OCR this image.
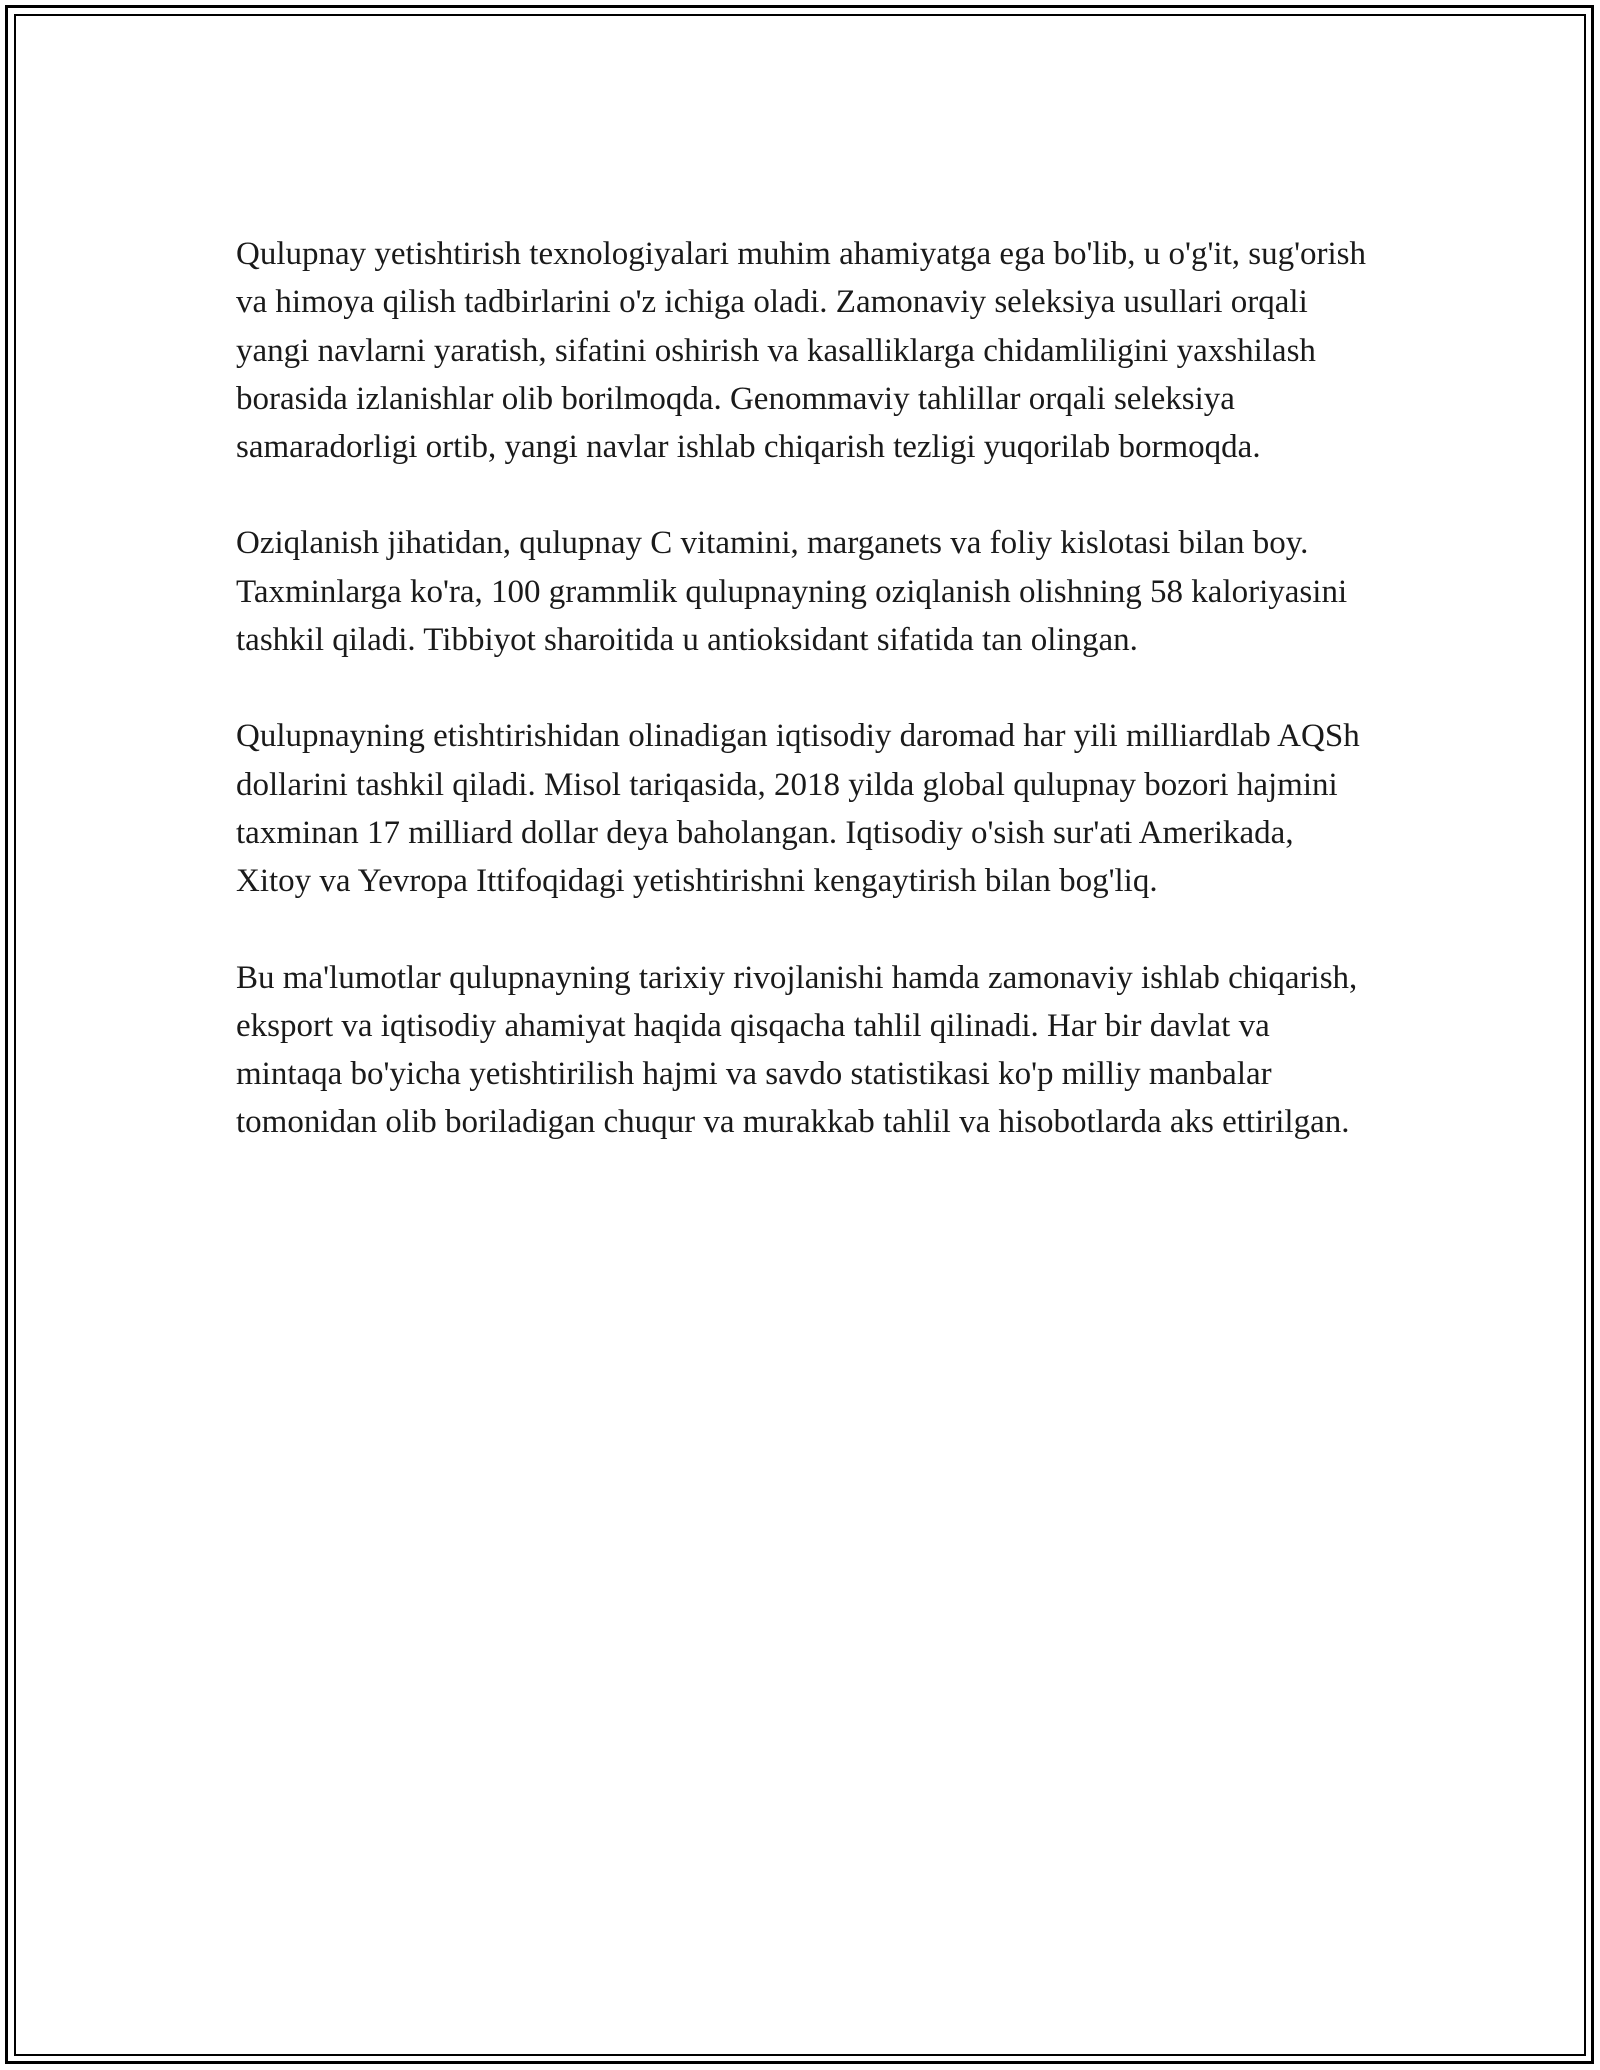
Qulupnay yetishtirish texnologiyalari muhim ahamiyatga ega bo'lib, u o'g'it, sug'orish va himoya qilish tadbirlarini o'z ichiga oladi. Zamonaviy seleksiya usullari orqali yangi navlarni yaratish, sifatini oshirish va kasalliklarga chidamliligini yaxshilash borasida izlanishlar olib borilmoqda. Genommaviy tahlillar orqali seleksiya samaradorligi ortib, yangi navlar ishlab chiqarish tezligi yuqorilab bormoqda.

Oziqlanish jihatidan, qulupnay C vitamini, marganets va foliy kislotasi bilan boy. Taxminlarga ko'ra, 100 grammlik qulupnayning oziqlanish olishning 58 kaloriyasini tashkil qiladi. Tibbiyot sharoitida u antioksidant sifatida tan olingan.

Qulupnayning etishtirishidan olinadigan iqtisodiy daromad har yili milliardlab AQSh dollarini tashkil qiladi. Misol tariqasida, 2018 yilda global qulupnay bozori hajmini taxminan 17 milliard dollar deya baholangan. Iqtisodiy o'sish sur'ati Amerikada, Xitoy va Yevropa Ittifoqidagi yetishtirishni kengaytirish bilan bog'liq.

Bu ma'lumotlar qulupnayning tarixiy rivojlanishi hamda zamonaviy ishlab chiqarish, eksport va iqtisodiy ahamiyat haqida qisqacha tahlil qilinadi. Har bir davlat va mintaqa bo'yicha yetishtirilish hajmi va savdo statistikasi ko'p milliy manbalar tomonidan olib boriladigan chuqur va murakkab tahlil va hisobotlarda aks ettirilgan.
